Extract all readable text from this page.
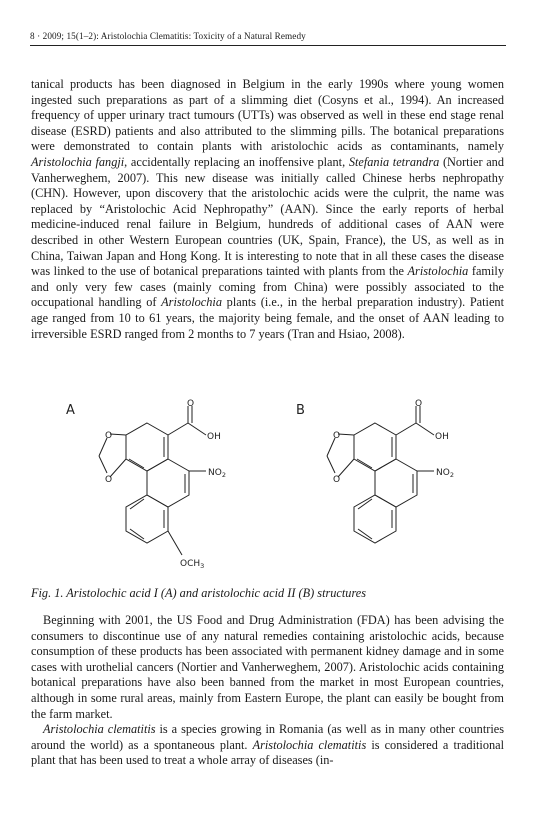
8 · 2009; 15(1–2): Aristolochia Clematitis: Toxicity of a Natural Remedy

tanical products has been diagnosed in Belgium in the early 1990s where young women ingested such preparations as part of a slimming diet (Cosyns et al., 1994). An increased frequency of upper urinary tract tumours (UTTs) was observed as well in these end stage renal disease (ESRD) patients and also attributed to the slimming pills. The botanical preparations were demonstrated to contain plants with aristolochic acids as contaminants, namely Aristolochia fangji, accidentally replacing an inoffensive plant, Stefania tetrandra (Nortier and Vanherweghem, 2007). This new disease was initially called Chinese herbs nephropathy (CHN). However, upon discovery that the aristolochic acids were the culprit, the name was replaced by “Aristolochic Acid Nephropathy” (AAN). Since the early reports of herbal medicine-induced renal failure in Belgium, hundreds of additional cases of AAN were described in other Western European countries (UK, Spain, France), the US, as well as in China, Taiwan Japan and Hong Kong. It is interesting to note that in all these cases the disease was linked to the use of botanical preparations tainted with plants from the Aristolochia family and only very few cases (mainly coming from China) were possibly associated to the occupational handling of Aristolochia plants (i.e., in the herbal preparation industry). Patient age ranged from 10 to 61 years, the majority being female, and the onset of AAN leading to irreversible ESRD ranged from 2 months to 7 years (Tran and Hsiao, 2008).

A	O
OH
O
O
$NO_2$
$OCH_3$
B	O
OH
O
O
$NO_2$
Fig. 1. Aristolochic acid I (A) and aristolochic acid II (B) structures

Beginning with 2001, the US Food and Drug Administration (FDA) has been advising the consumers to discontinue use of any natural remedies containing aristolochic acids, because consumption of these products has been associated with permanent kidney damage and in some cases with urothelial cancers (Nortier and Vanherweghem, 2007). Aristolochic acids containing botanical preparations have also been banned from the market in most European countries, although in some rural areas, mainly from Eastern Europe, the plant can easily be bought from the farm market.

Aristolochia clematitis is a species growing in Romania (as well as in many other countries around the world) as a spontaneous plant. Aristolochia clematitis is considered a traditional plant that has been used to treat a whole array of diseases (in-
